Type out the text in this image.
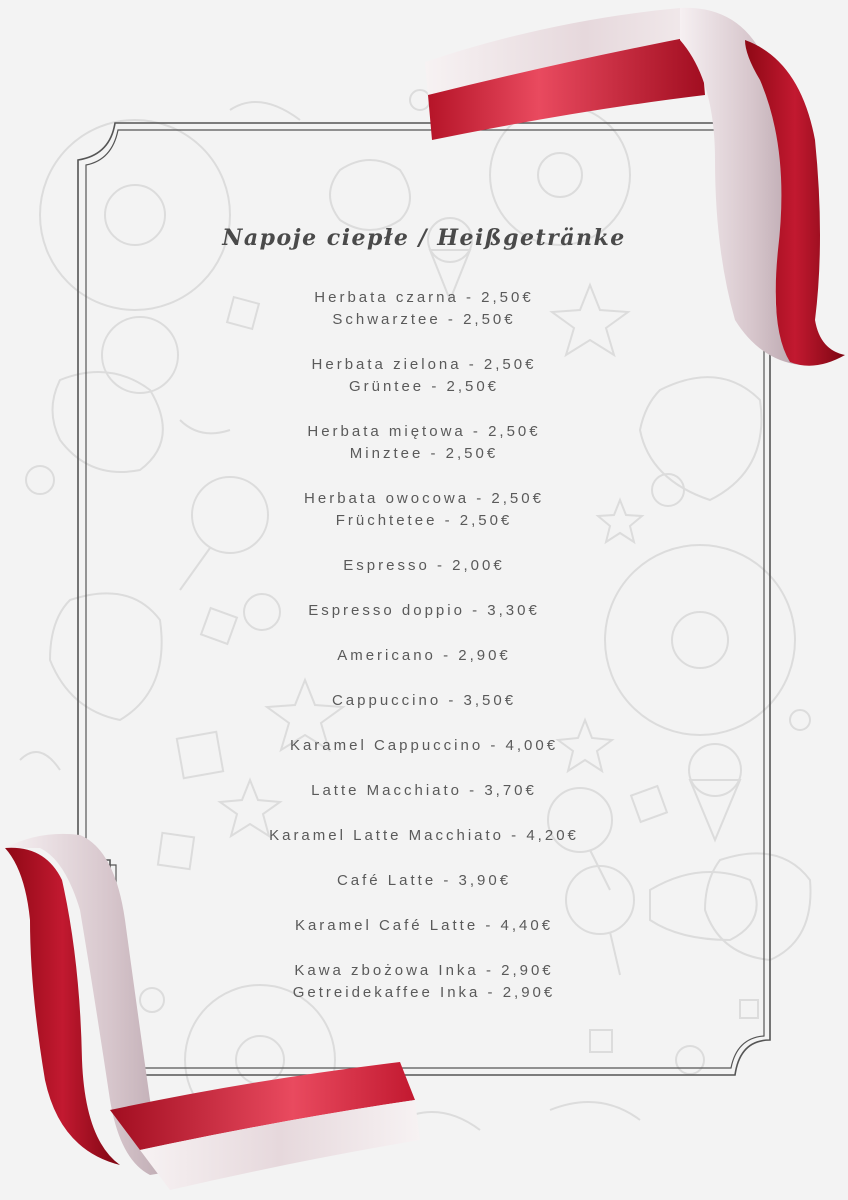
Napoje ciepłe / Heißgetränke

Herbata czarna - 2,50€
Schwarztee - 2,50€

Herbata zielona - 2,50€
Grüntee - 2,50€

Herbata miętowa - 2,50€
Minztee - 2,50€

Herbata owocowa - 2,50€
Früchtetee - 2,50€

Espresso - 2,00€

Espresso doppio - 3,30€

Americano - 2,90€

Cappuccino - 3,50€

Karamel Cappuccino - 4,00€

Latte Macchiato - 3,70€

Karamel Latte Macchiato - 4,20€

Café Latte - 3,90€

Karamel Café Latte - 4,40€

Kawa zbożowa Inka - 2,90€
Getreidekaffee Inka - 2,90€
